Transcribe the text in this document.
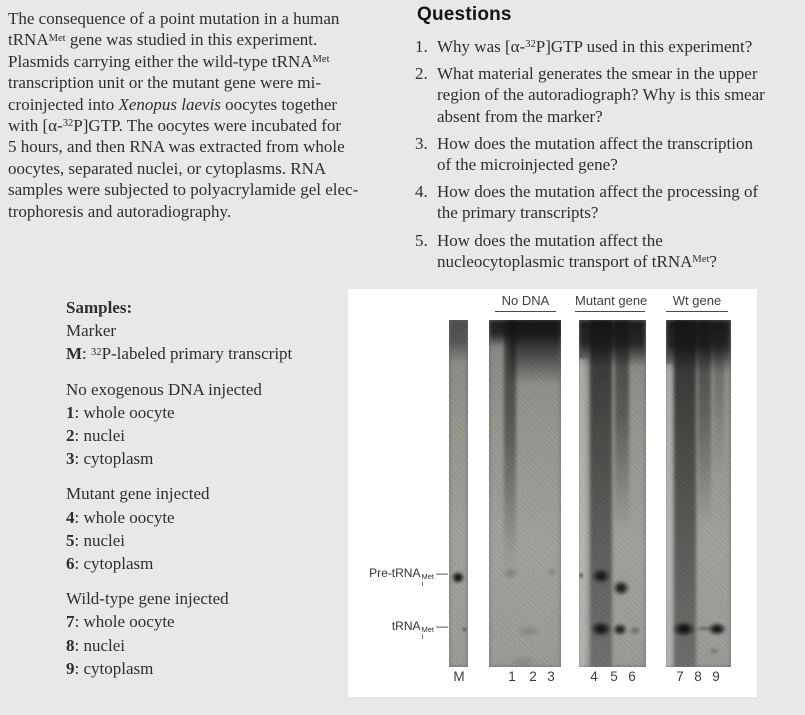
The consequence of a point mutation in a human
tRNA$^{Met}$ gene was studied in this experiment.
Plasmids carrying either the wild-type tRNA$^{Met}$
transcription unit or the mutant gene were mi-
croinjected into Xenopus laevis oocytes together
with [α-$^{32}$P]GTP. The oocytes were incubated for
5 hours, and then RNA was extracted from whole
oocytes, separated nuclei, or cytoplasms. RNA
samples were subjected to polyacrylamide gel elec-
trophoresis and autoradiography.
Questions
1. Why was [α-$^{32}$P]GTP used in this experiment?
2. What material generates the smear in the upper
region of the autoradiograph? Why is this smear
absent from the marker?
3. How does the mutation affect the transcription
of the microinjected gene?
4. How does the mutation affect the processing of
the primary transcripts?
5. How does the mutation affect the
nucleocytoplasmic transport of tRNA$^{Met}$?
Samples:
Marker
M: $^{32}$P-labeled primary transcript
No exogenous DNA injected
1: whole oocyte
2: nuclei
3: cytoplasm
Mutant gene injected
4: whole oocyte
5: nuclei
6: cytoplasm
Wild-type gene injected
7: whole oocyte
8: nuclei
9: cytoplasm
No DNA	Mutant gene	Wt gene
Pre-tRNA Met
i
—
tRNA Met
i
—
M	1 2 3	4 5 6	7 8 9
